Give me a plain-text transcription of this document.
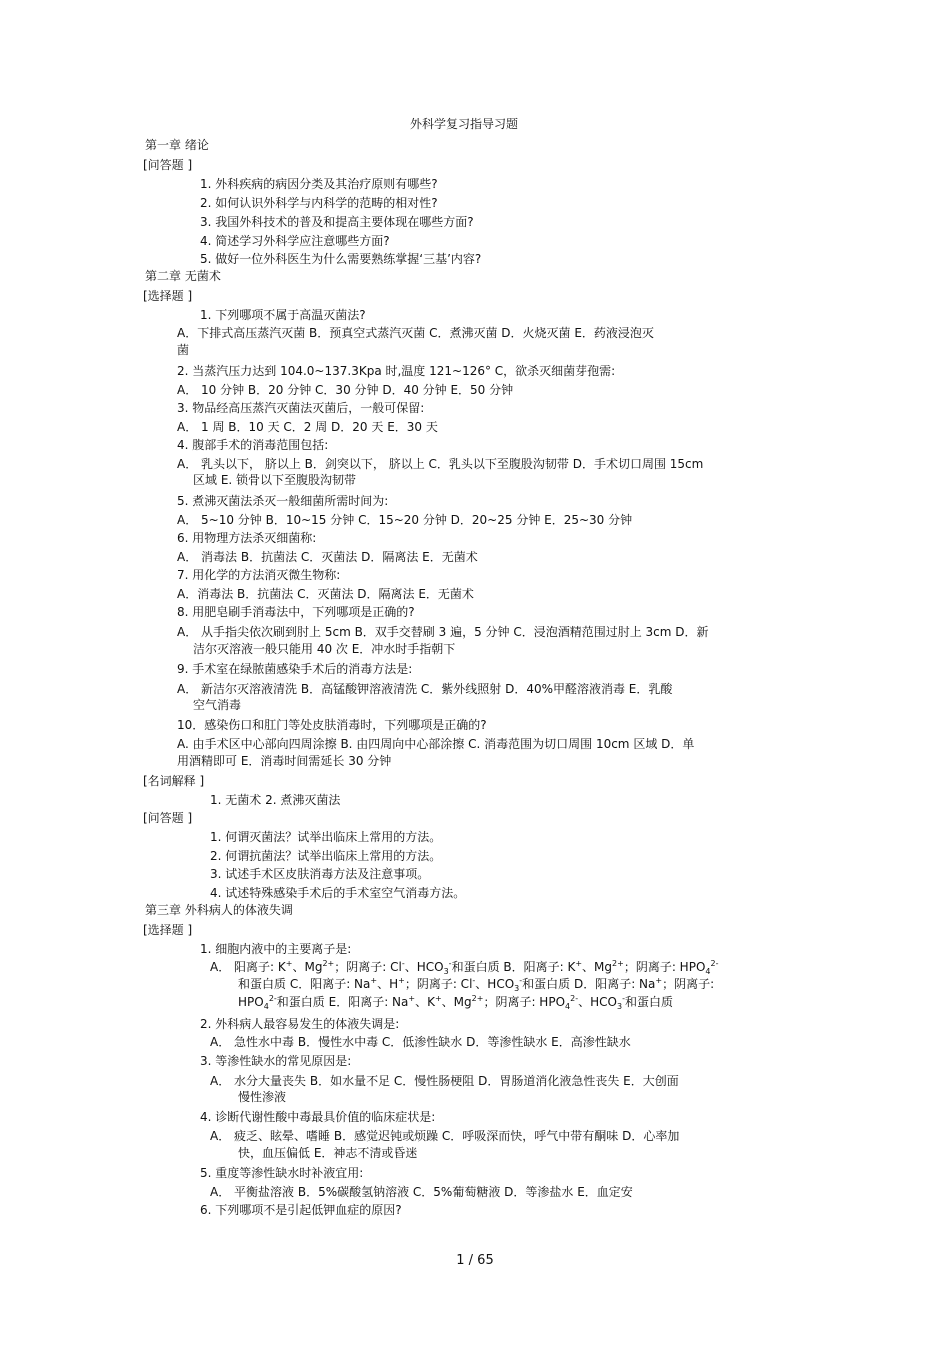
外科学复习指导习题
第一章 绪论
[问答题 ]
1. 外科疾病的病因分类及其治疗原则有哪些?
2. 如何认识外科学与内科学的范畴的相对性?
3. 我国外科技术的普及和提高主要体现在哪些方面?
4. 简述学习外科学应注意哪些方面?
5. 做好一位外科医生为什么需要熟练掌握‘三基’内容?
第二章 无菌术
[选择题 ]
1. 下列哪项不属于高温灭菌法?
A．下排式高压蒸汽灭菌 B．预真空式蒸汽灭菌 C．煮沸灭菌 D．火烧灭菌 E．药液浸泡灭
菌
2. 当蒸汽压力达到 104.0~137.3Kpa 时,温度 121~126° C，欲杀灭细菌芽孢需:
A． 10 分钟 B．20 分钟 C．30 分钟 D．40 分钟 E．50 分钟
3. 物品经高压蒸汽灭菌法灭菌后，一般可保留:
A． 1 周 B．10 天 C．2 周 D．20 天 E．30 天
4. 腹部手术的消毒范围包括:
A． 乳头以下， 脐以上 B．剑突以下， 脐以上 C．乳头以下至腹股沟韧带 D．手术切口周围 15cm
区域 E. 锁骨以下至腹股沟韧带
5. 煮沸灭菌法杀灭一般细菌所需时间为:
A． 5~10 分钟 B．10~15 分钟 C．15~20 分钟 D．20~25 分钟 E．25~30 分钟
6. 用物理方法杀灭细菌称:
A． 消毒法 B．抗菌法 C．灭菌法 D．隔离法 E．无菌术
7. 用化学的方法消灭微生物称:
A．消毒法 B．抗菌法 C．灭菌法 D．隔离法 E．无菌术
8. 用肥皂刷手消毒法中，下列哪项是正确的?
A． 从手指尖依次刷到肘上 5cm B．双手交替刷 3 遍，5 分钟 C．浸泡酒精范围过肘上 3cm D．新
洁尔灭溶液一般只能用 40 次 E．冲水时手指朝下
9. 手术室在绿脓菌感染手术后的消毒方法是:
A． 新洁尔灭溶液清洗 B．高锰酸钾溶液清洗 C．紫外线照射 D．40%甲醛溶液消毒 E．乳酸
空气消毒
10．感染伤口和肛门等处皮肤消毒时，下列哪项是正确的?
A. 由手术区中心部向四周涂擦 B. 由四周向中心部涂擦 C. 消毒范围为切口周围 10cm 区域 D．单
用酒精即可 E．消毒时间需延长 30 分钟
[名词解释 ]
1. 无菌术 2. 煮沸灭菌法
[问答题 ]
1. 何谓灭菌法？试举出临床上常用的方法。
2. 何谓抗菌法？试举出临床上常用的方法。
3. 试述手术区皮肤消毒方法及注意事项。
4. 试述特殊感染手术后的手术室空气消毒方法。
第三章 外科病人的体液失调
[选择题 ]
1. 细胞内液中的主要离子是:
A． 阳离子: K+、$Mg^{2+}$；阴离子: Cl-、$HCO_3^-$和蛋白质 B．阳离子: K+、$Mg^{2+}$；阴离子: $HPO_4^{2-}$
和蛋白质 C．阳离子: Na+、H+；阴离子: Cl-、$HCO_3^-$和蛋白质 D．阳离子: Na+；阴离子:
$HPO_4^{2-}$和蛋白质 E．阳离子: Na+、K+、$Mg^{2+}$；阴离子: $HPO_4^{2-}$、$HCO_3^-$和蛋白质
2. 外科病人最容易发生的体液失调是:
A． 急性水中毒 B．慢性水中毒 C．低渗性缺水 D．等渗性缺水 E．高渗性缺水
3. 等渗性缺水的常见原因是:
A． 水分大量丧失 B．如水量不足 C．慢性肠梗阻 D．胃肠道消化液急性丧失 E．大创面
慢性渗液
4. 诊断代谢性酸中毒最具价值的临床症状是:
A． 疲乏、眩晕、嗜睡 B．感觉迟钝或烦躁 C．呼吸深而快，呼气中带有酮味 D．心率加
快，血压偏低 E．神志不清或昏迷
5. 重度等渗性缺水时补液宜用:
A． 平衡盐溶液 B．5%碳酸氢钠溶液 C．5%葡萄糖液 D．等渗盐水 E．血定安
6. 下列哪项不是引起低钾血症的原因?
1 / 65
